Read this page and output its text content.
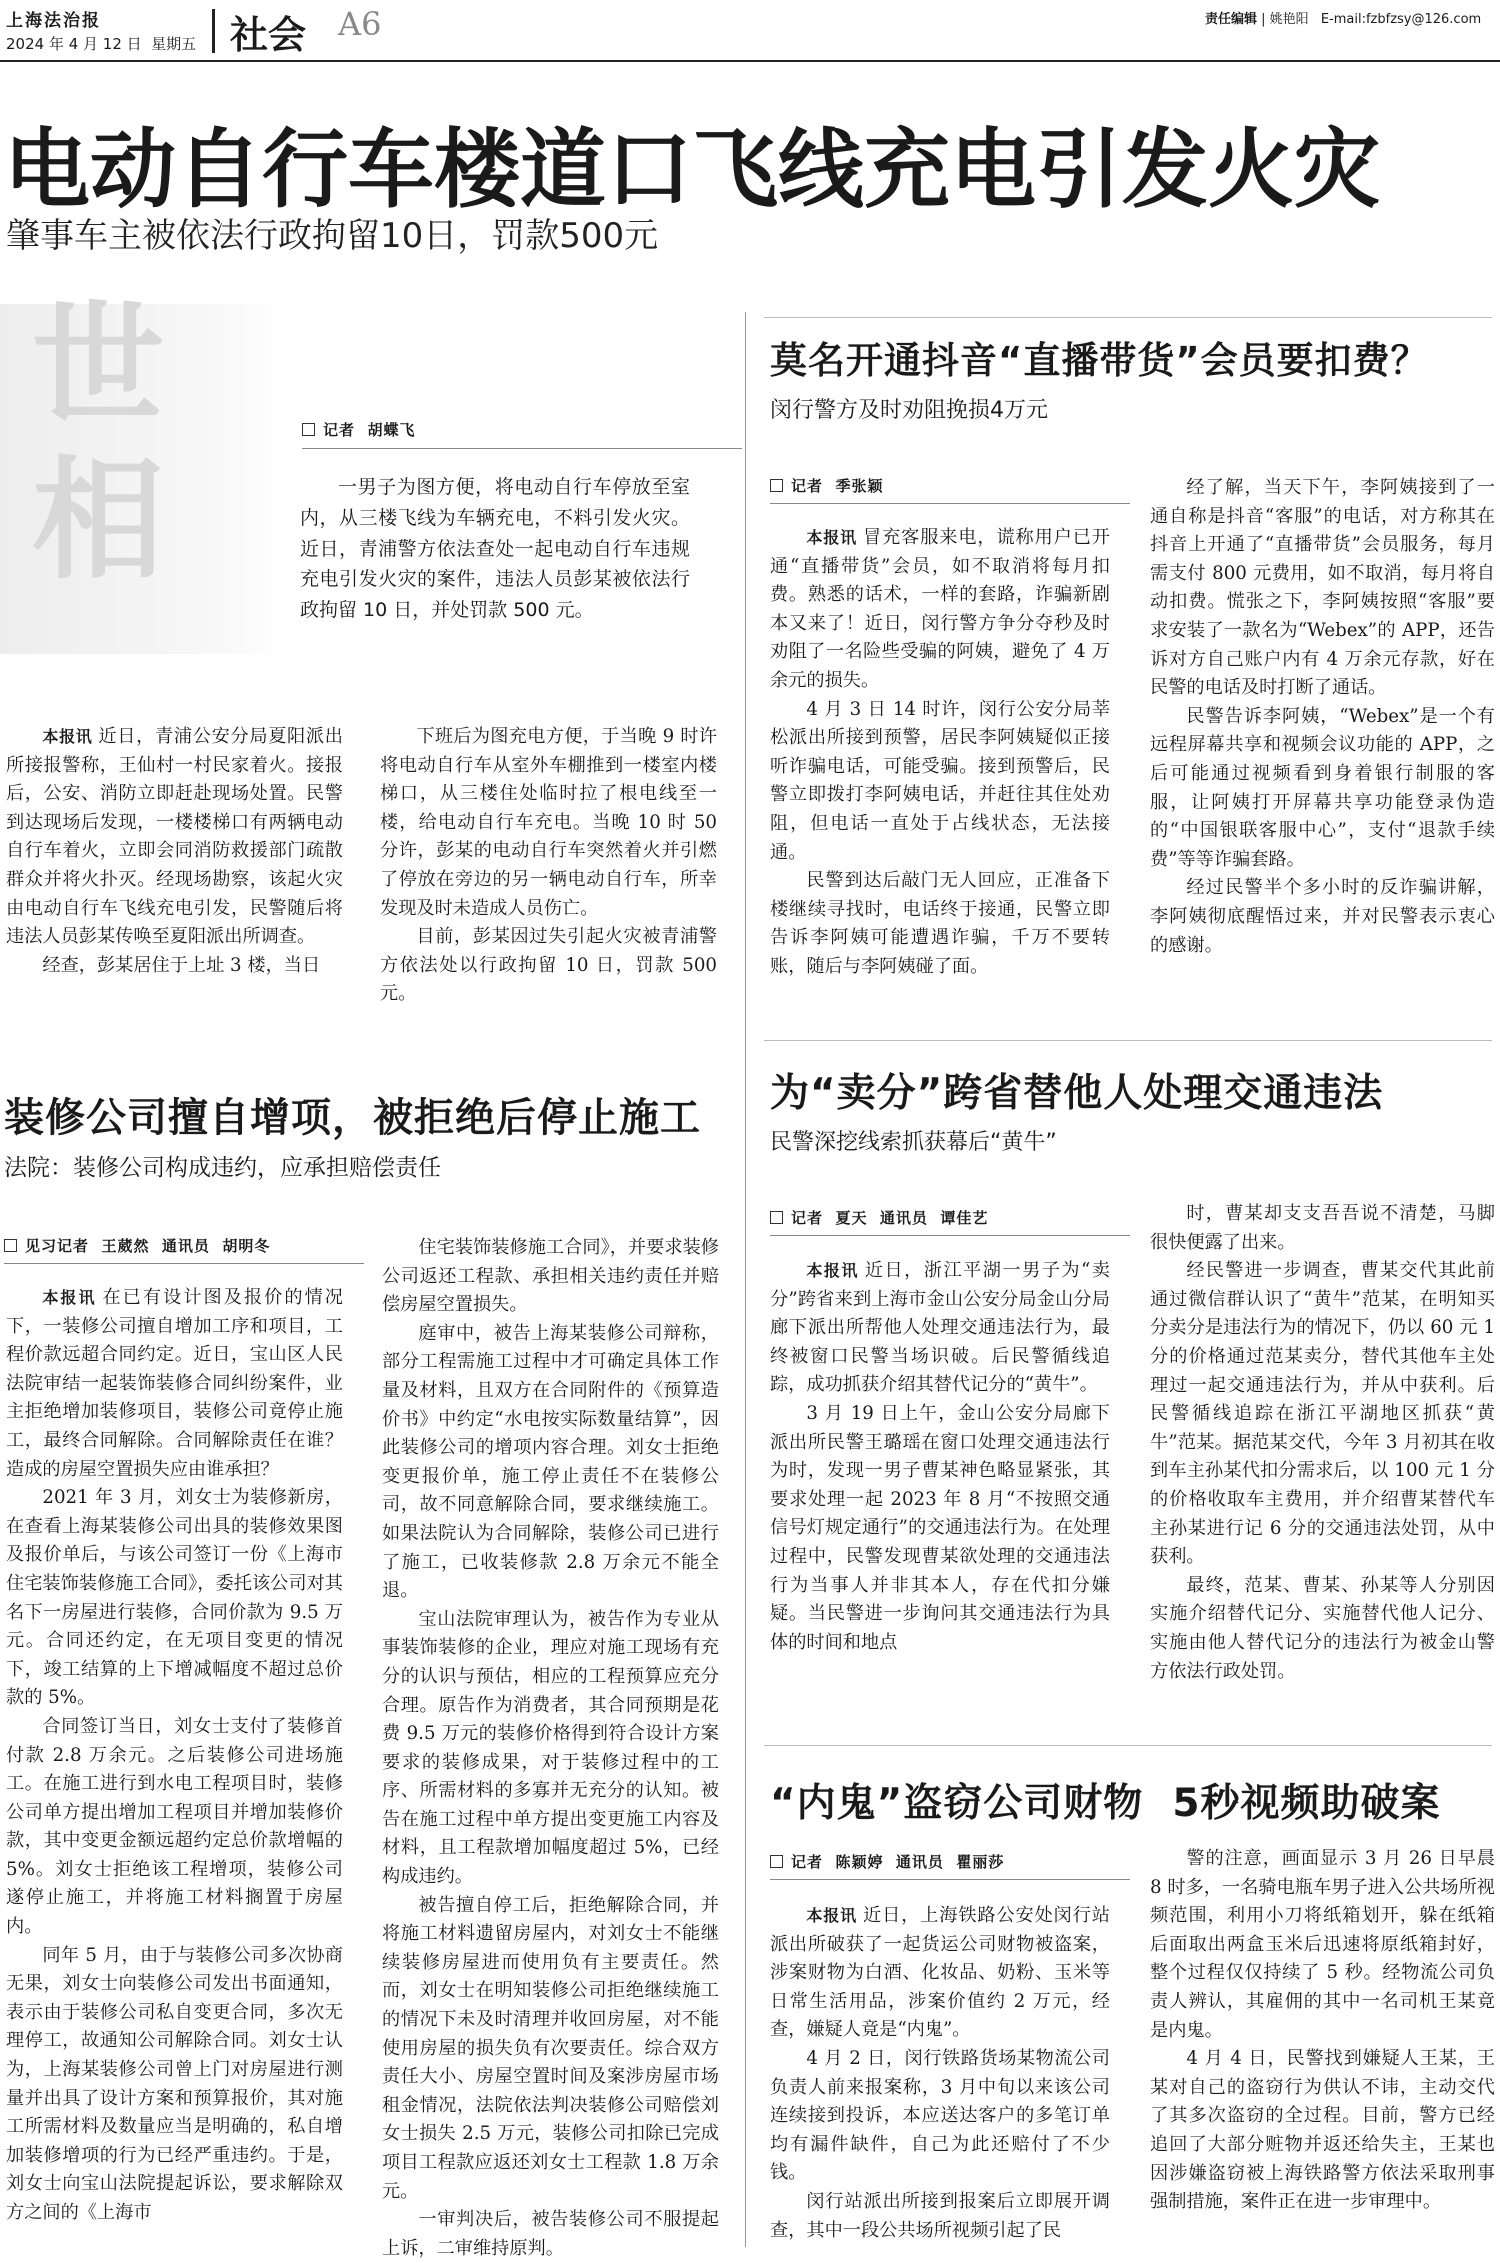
上海法治报
2024 年 4 月 12 日  星期五 社会 A6	责任编辑 | 姚艳阳 E-mail:fzbfzsy@126.com
电动自行车楼道口飞线充电引发火灾
肇事车主被依法行政拘留10日，罚款500元
世相
记者  胡蝶飞

一男子为图方便，将电动自行车停放至室内，从三楼飞线为车辆充电，不料引发火灾。近日，青浦警方依法查处一起电动自行车违规充电引发火灾的案件，违法人员彭某被依法行政拘留 10 日，并处罚款 500 元。

本报讯 近日，青浦公安分局夏阳派出所接报警称，王仙村一村民家着火。接报后，公安、消防立即赶赴现场处置。民警到达现场后发现，一楼楼梯口有两辆电动自行车着火，立即会同消防救援部门疏散群众并将火扑灭。经现场勘察，该起火灾由电动自行车飞线充电引发，民警随后将违法人员彭某传唤至夏阳派出所调查。

经查，彭某居住于上址 3 楼，当日

下班后为图充电方便，于当晚 9 时许将电动自行车从室外车棚推到一楼室内楼梯口，从三楼住处临时拉了根电线至一楼，给电动自行车充电。当晚 10 时 50 分许，彭某的电动自行车突然着火并引燃了停放在旁边的另一辆电动自行车，所幸发现及时未造成人员伤亡。

目前，彭某因过失引起火灾被青浦警方依法处以行政拘留 10 日，罚款 500 元。

装修公司擅自增项，被拒绝后停止施工
法院：装修公司构成违约，应承担赔偿责任
见习记者  王葳然  通讯员  胡明冬

本报讯 在已有设计图及报价的情况下，一装修公司擅自增加工序和项目，工程价款远超合同约定。近日，宝山区人民法院审结一起装饰装修合同纠纷案件，业主拒绝增加装修项目，装修公司竟停止施工，最终合同解除。合同解除责任在谁？造成的房屋空置损失应由谁承担？

2021 年 3 月，刘女士为装修新房，在查看上海某装修公司出具的装修效果图及报价单后，与该公司签订一份《上海市住宅装饰装修施工合同》，委托该公司对其名下一房屋进行装修，合同价款为 9.5 万元。合同还约定，在无项目变更的情况下，竣工结算的上下增减幅度不超过总价款的 5%。

合同签订当日，刘女士支付了装修首付款 2.8 万余元。之后装修公司进场施工。在施工进行到水电工程项目时，装修公司单方提出增加工程项目并增加装修价款，其中变更金额远超约定总价款增幅的 5%。刘女士拒绝该工程增项，装修公司遂停止施工，并将施工材料搁置于房屋内。

同年 5 月，由于与装修公司多次协商无果，刘女士向装修公司发出书面通知，表示由于装修公司私自变更合同，多次无理停工，故通知公司解除合同。刘女士认为，上海某装修公司曾上门对房屋进行测量并出具了设计方案和预算报价，其对施工所需材料及数量应当是明确的，私自增加装修增项的行为已经严重违约。于是，刘女士向宝山法院提起诉讼，要求解除双方之间的《上海市

住宅装饰装修施工合同》，并要求装修公司返还工程款、承担相关违约责任并赔偿房屋空置损失。

庭审中，被告上海某装修公司辩称，部分工程需施工过程中才可确定具体工作量及材料，且双方在合同附件的《预算造价书》中约定“水电按实际数量结算”，因此装修公司的增项内容合理。刘女士拒绝变更报价单，施工停止责任不在装修公司，故不同意解除合同，要求继续施工。如果法院认为合同解除，装修公司已进行了施工，已收装修款 2.8 万余元不能全退。

宝山法院审理认为，被告作为专业从事装饰装修的企业，理应对施工现场有充分的认识与预估，相应的工程预算应充分合理。原告作为消费者，其合同预期是花费 9.5 万元的装修价格得到符合设计方案要求的装修成果，对于装修过程中的工序、所需材料的多寡并无充分的认知。被告在施工过程中单方提出变更施工内容及材料，且工程款增加幅度超过 5%，已经构成违约。

被告擅自停工后，拒绝解除合同，并将施工材料遗留房屋内，对刘女士不能继续装修房屋进而使用负有主要责任。然而，刘女士在明知装修公司拒绝继续施工的情况下未及时清理并收回房屋，对不能使用房屋的损失负有次要责任。综合双方责任大小、房屋空置时间及案涉房屋市场租金情况，法院依法判决装修公司赔偿刘女士损失 2.5 万元，装修公司扣除已完成项目工程款应返还刘女士工程款 1.8 万余元。

一审判决后，被告装修公司不服提起上诉，二审维持原判。

莫名开通抖音“直播带货”会员要扣费？
闵行警方及时劝阻挽损4万元
记者  季张颖

本报讯 冒充客服来电，谎称用户已开通“直播带货”会员，如不取消将每月扣费。熟悉的话术，一样的套路，诈骗新剧本又来了！近日，闵行警方争分夺秒及时劝阻了一名险些受骗的阿姨，避免了 4 万余元的损失。

4 月 3 日 14 时许，闵行公安分局莘松派出所接到预警，居民李阿姨疑似正接听诈骗电话，可能受骗。接到预警后，民警立即拨打李阿姨电话，并赶往其住处劝阻，但电话一直处于占线状态，无法接通。

民警到达后敲门无人回应，正准备下楼继续寻找时，电话终于接通，民警立即告诉李阿姨可能遭遇诈骗，千万不要转账，随后与李阿姨碰了面。

经了解，当天下午，李阿姨接到了一通自称是抖音“客服”的电话，对方称其在抖音上开通了“直播带货”会员服务，每月需支付 800 元费用，如不取消，每月将自动扣费。慌张之下，李阿姨按照“客服”要求安装了一款名为“Webex”的 APP，还告诉对方自己账户内有 4 万余元存款，好在民警的电话及时打断了通话。

民警告诉李阿姨，“Webex”是一个有远程屏幕共享和视频会议功能的 APP，之后可能通过视频看到身着银行制服的客服，让阿姨打开屏幕共享功能登录伪造的“中国银联客服中心”，支付“退款手续费”等等诈骗套路。

经过民警半个多小时的反诈骗讲解，李阿姨彻底醒悟过来，并对民警表示衷心的感谢。

为“卖分”跨省替他人处理交通违法
民警深挖线索抓获幕后“黄牛”
记者  夏天  通讯员  谭佳艺

本报讯 近日，浙江平湖一男子为“卖分”跨省来到上海市金山公安分局金山分局廊下派出所帮他人处理交通违法行为，最终被窗口民警当场识破。后民警循线追踪，成功抓获介绍其替代记分的“黄牛”。

3 月 19 日上午，金山公安分局廊下派出所民警王璐瑶在窗口处理交通违法行为时，发现一男子曹某神色略显紧张，其要求处理一起 2023 年 8 月“不按照交通信号灯规定通行”的交通违法行为。在处理过程中，民警发现曹某欲处理的交通违法行为当事人并非其本人，存在代扣分嫌疑。当民警进一步询问其交通违法行为具体的时间和地点

时，曹某却支支吾吾说不清楚，马脚很快便露了出来。

经民警进一步调查，曹某交代其此前通过微信群认识了“黄牛”范某，在明知买分卖分是违法行为的情况下，仍以 60 元 1 分的价格通过范某卖分，替代其他车主处理过一起交通违法行为，并从中获利。后民警循线追踪在浙江平湖地区抓获“黄牛”范某。据范某交代，今年 3 月初其在收到车主孙某代扣分需求后，以 100 元 1 分的价格收取车主费用，并介绍曹某替代车主孙某进行记 6 分的交通违法处罚，从中获利。

最终，范某、曹某、孙某等人分别因实施介绍替代记分、实施替代他人记分、实施由他人替代记分的违法行为被金山警方依法行政处罚。

“内鬼”盗窃公司财物  5秒视频助破案
记者  陈颖婷  通讯员  瞿丽莎

本报讯 近日，上海铁路公安处闵行站派出所破获了一起货运公司财物被盗案，涉案财物为白酒、化妆品、奶粉、玉米等日常生活用品，涉案价值约 2 万元，经查，嫌疑人竟是“内鬼”。

4 月 2 日，闵行铁路货场某物流公司负责人前来报案称，3 月中旬以来该公司连续接到投诉，本应送达客户的多笔订单均有漏件缺件，自己为此还赔付了不少钱。

闵行站派出所接到报案后立即展开调查，其中一段公共场所视频引起了民

警的注意，画面显示 3 月 26 日早晨 8 时多，一名骑电瓶车男子进入公共场所视频范围，利用小刀将纸箱划开，躲在纸箱后面取出两盒玉米后迅速将原纸箱封好，整个过程仅仅持续了 5 秒。经物流公司负责人辨认，其雇佣的其中一名司机王某竟是内鬼。

4 月 4 日，民警找到嫌疑人王某，王某对自己的盗窃行为供认不讳，主动交代了其多次盗窃的全过程。目前，警方已经追回了大部分赃物并返还给失主，王某也因涉嫌盗窃被上海铁路警方依法采取刑事强制措施，案件正在进一步审理中。
